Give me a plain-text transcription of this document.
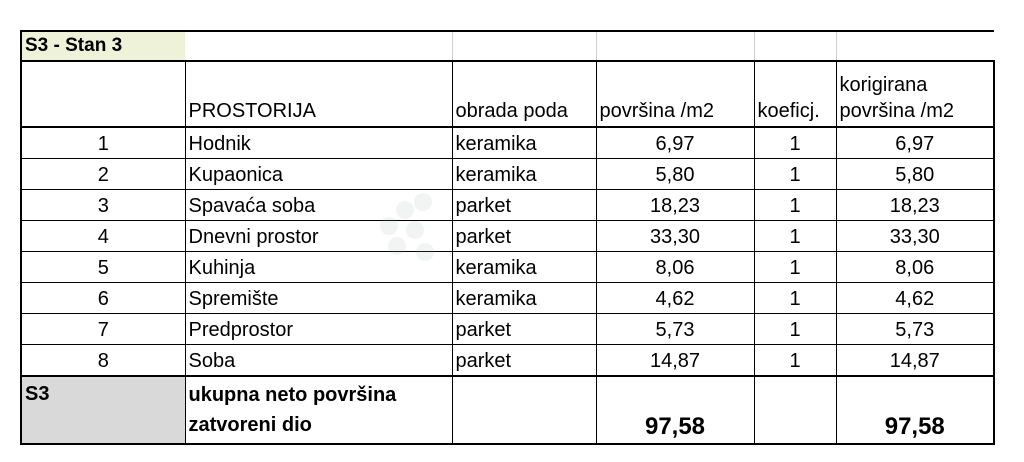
S3 - Stan 3					
	PROSTORIJA	obrada poda	površina /m2	koeficj.	korigirana površina /m2
1	Hodnik	keramika	6,97	1	6,97
2	Kupaonica	keramika	5,80	1	5,80
3	Spavaća soba	parket	18,23	1	18,23
4	Dnevni prostor	parket	33,30	1	33,30
5	Kuhinja	keramika	8,06	1	8,06
6	Spremište	keramika	4,62	1	4,62
7	Predprostor	parket	5,73	1	5,73
8	Soba	parket	14,87	1	14,87
S3	ukupna neto površina zatvoreni dio		97,58		97,58
